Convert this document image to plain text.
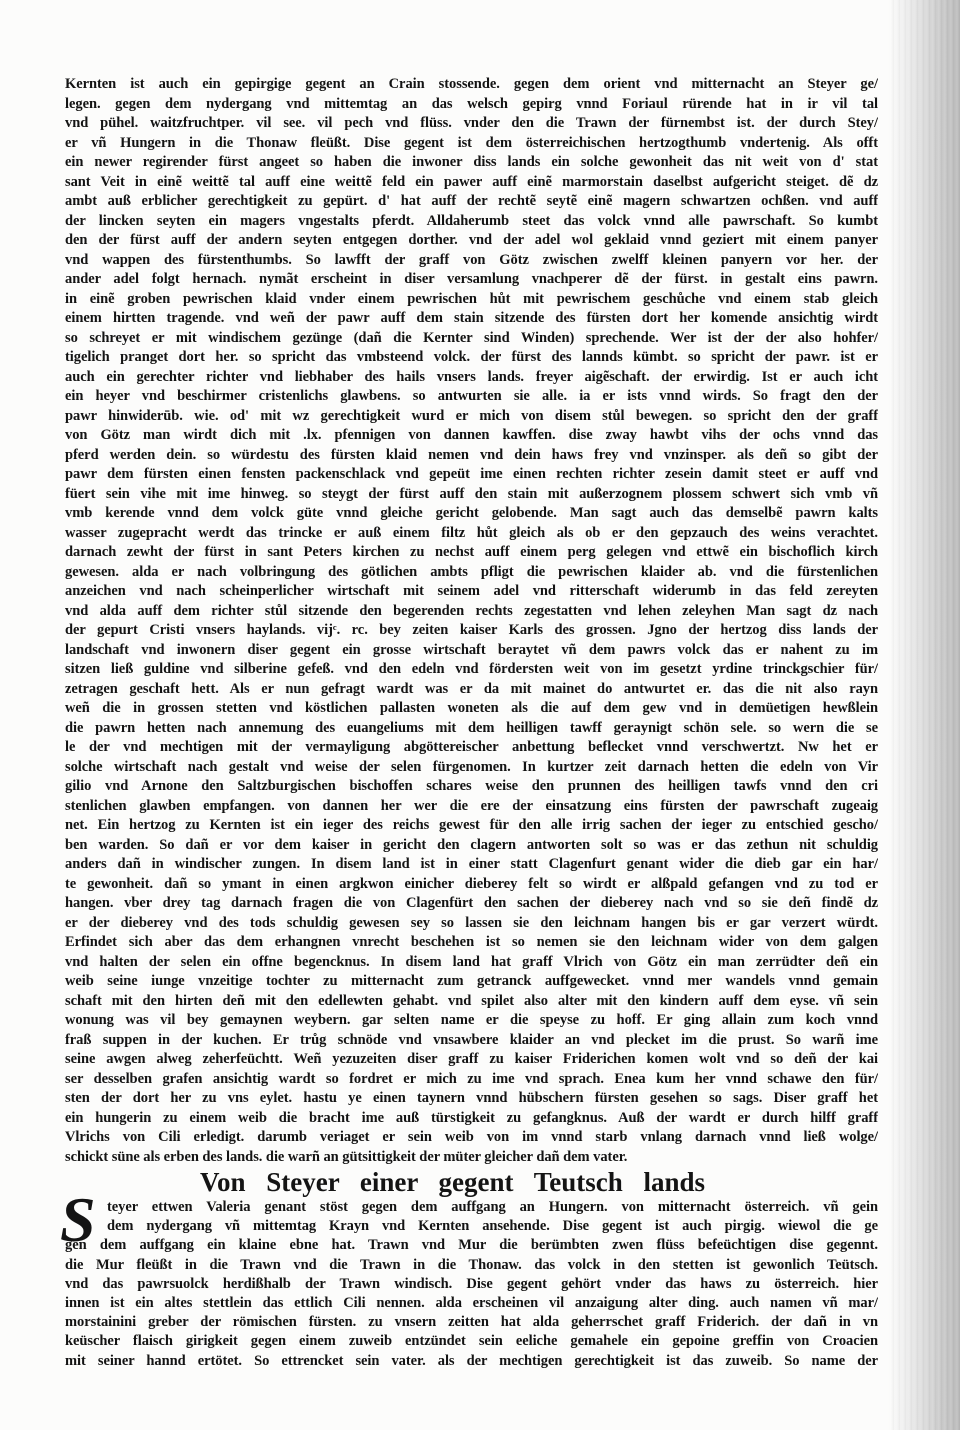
Kernten ist auch ein gepirgige gegent an Crain stossende. gegen dem orient vnd mitternacht an Steyer ge/
legen. gegen dem nydergang vnd mittemtag an das welsch gepirg vnnd Foriaul rürende hat in ir vil tal
vnd pühel. waitzfruchtper. vil see. vil pech vnd flüss. vnder den die Trawn der fürnembst ist. der durch Stey/
er vñ Hungern in die Thonaw fleüßt. Dise gegent ist dem österreichischen hertzogthumb vndertenig. Als offt
ein newer regirender fürst angeet so haben die inwoner diss lands ein solche gewonheit das nit weit von d' stat
sant Veit in einẽ weittẽ tal auff eine weittẽ feld ein pawer auff einẽ marmorstain daselbst aufgericht steiget. dẽ dz
ambt auß erblicher gerechtigkeit zu gepürt. d' hat auff der rechtẽ seytẽ einẽ magern schwartzen ochßen. vnd auff
der lincken seyten ein magers vngestalts pferdt. Alldaherumb steet das volck vnnd alle pawrschaft. So kumbt
den der fürst auff der andern seyten entgegen dorther. vnd der adel wol geklaid vnnd geziert mit einem panyer
vnd wappen des fürstenthumbs. So lawfft der graff von Götz zwischen zwelff kleinen panyern vor her. der
ander adel folgt hernach. nymãt erscheint in diser versamlung vnachperer dẽ der fürst. in gestalt eins pawrn.
in einẽ groben pewrischen klaid vnder einem pewrischen hůt mit pewrischem geschůche vnd einem stab gleich
einem hirtten tragende. vnd weñ der pawr auff dem stain sitzende des fürsten dort her komende ansichtig wirdt
so schreyet er mit windischem gezünge (dañ die Kernter sind Winden) sprechende. Wer ist der der also hohfer/
tigelich pranget dort her. so spricht das vmbsteend volck. der fürst des lannds kümbt. so spricht der pawr. ist er
auch ein gerechter richter vnd liebhaber des hails vnsers lands. freyer aigẽschaft. der erwirdig. Ist er auch icht
ein heyer vnd beschirmer cristenlichs glawbens. so antwurten sie alle. ia er ists vnnd wirds. So fragt den der
pawr hinwiderūb. wie. od' mit wz gerechtigkeit wurd er mich von disem stůl bewegen. so spricht den der graff
von Götz man wirdt dich mit .lx. pfennigen von dannen kawffen. dise zway hawbt vihs der ochs vnnd das
pferd werden dein. so würdestu des fürsten klaid nemen vnd dein haws frey vnd vnzinsper. als deñ so gibt der
pawr dem fürsten einen fensten packenschlack vnd gepeüt ime einen rechten richter zesein damit steet er auff vnd
füert sein vihe mit ime hinweg. so steygt der fürst auff den stain mit außerzognem plossem schwert sich vmb vñ
vmb kerende vnnd dem volck güte vnnd gleiche gericht gelobende. Man sagt auch das demselbẽ pawrn kalts
wasser zugepracht werdt das trincke er auß einem filtz hůt gleich als ob er den gepzauch des weins verachtet.
darnach zewht der fürst in sant Peters kirchen zu nechst auff einem perg gelegen vnd ettwẽ ein bischoflich kirch
gewesen. alda er nach volbringung des götlichen ambts pfligt die pewrischen klaider ab. vnd die fürstenlichen
anzeichen vnd nach scheinperlicher wirtschaft mit seinem adel vnd ritterschaft widerumb in das feld zereyten
vnd alda auff dem richter stůl sitzende den begerenden rechts zegestatten vnd lehen zeleyhen Man sagt dz nach
der gepurt Cristi vnsers haylands. vijᶜ. rc. bey zeiten kaiser Karls des grossen. Jgno der hertzog diss lands der
landschaft vnd inwonern diser gegent ein grosse wirtschaft beraytet vñ dem pawrs volck das er nahent zu im
sitzen ließ guldine vnd silberine gefeß. vnd den edeln vnd fördersten weit von im gesetzt yrdine trinckgschier für/
zetragen geschaft hett. Als er nun gefragt wardt was er da mit mainet do antwurtet er. das die nit also rayn
weñ die in grossen stetten vnd köstlichen pallasten woneten als die auf dem gew vnd in demüetigen hewßlein
die pawrn hetten nach annemung des euangeliums mit dem heilligen tawff geraynigt schön sele. so wern die se
le der vnd mechtigen mit der vermayligung abgöttereischer anbettung beflecket vnnd verschwertzt. Nw het er
solche wirtschaft nach gestalt vnd weise der selen fürgenomen. In kurtzer zeit darnach hetten die edeln von Vir
gilio vnd Arnone den Saltzburgischen bischoffen schares weise den prunnen des heilligen tawfs vnnd den cri
stenlichen glawben empfangen. von dannen her wer die ere der einsatzung eins fürsten der pawrschaft zugeaig
net. Ein hertzog zu Kernten ist ein ieger des reichs gewest für den alle irrig sachen der ieger zu entschied gescho/
ben warden. So dañ er vor dem kaiser in gericht den clagern antworten solt so was er das zethun nit schuldig
anders dañ in windischer zungen. In disem land ist in einer statt Clagenfurt genant wider die dieb gar ein har/
te gewonheit. dañ so ymant in einen argkwon einicher dieberey felt so wirdt er alßpald gefangen vnd zu tod er
hangen. vber drey tag darnach fragen die von Clagenfürt den sachen der dieberey nach vnd so sie deñ findẽ dz
er der dieberey vnd des tods schuldig gewesen sey so lassen sie den leichnam hangen bis er gar verzert würdt.
Erfindet sich aber das dem erhangnen vnrecht beschehen ist so nemen sie den leichnam wider von dem galgen
vnd halten der selen ein offne begencknus. In disem land hat graff Vlrich von Götz ein man zerrüdter deñ ein
weib seine iunge vnzeitige tochter zu mitternacht zum getranck auffgewecket. vnnd mer wandels vnnd gemain
schaft mit den hirten deñ mit den edellewten gehabt. vnd spilet also alter mit den kindern auff dem eyse. vñ sein
wonung was vil bey gemaynen weybern. gar selten name er die speyse zu hoff. Er ging allain zum koch vnnd
fraß suppen in der kuchen. Er trůg schnöde vnd vnsawbere klaider an vnd plecket im die prust. So warñ ime
seine awgen alweg zeherfeüchtt. Weñ yezuzeiten diser graff zu kaiser Friderichen komen wolt vnd so deñ der kai
ser desselben grafen ansichtig wardt so fordret er mich zu ime vnd sprach. Enea kum her vnnd schawe den für/
sten der dort her zu vns eylet. hastu ye einen taynern vnnd hübschern fürsten gesehen so sags. Diser graff het
ein hungerin zu einem weib die bracht ime auß türstigkeit zu gefangknus. Auß der wardt er durch hilff graff
Vlrichs von Cili erledigt. darumb veriaget er sein weib von im vnnd starb vnlang darnach vnnd ließ wolge/
schickt süne als erben des lands. die warñ an gütsittigkeit der müter gleicher dañ dem vater.
Von Steyer einer gegent Teutsch lands
S teyer ettwen Valeria genant stöst gegen dem auffgang an Hungern. von mitternacht österreich. vñ gein
dem nydergang vñ mittemtag Krayn vnd Kernten ansehende. Dise gegent ist auch pirgig. wiewol die ge
gen dem auffgang ein klaine ebne hat. Trawn vnd Mur die berümbten zwen flüss befeüchtigen dise gegennt.
die Mur fleüßt in die Trawn vnd die Trawn in die Thonaw. das volck in den stetten ist gewonlich Teütsch.
vnd das pawrsuolck herdißhalb der Trawn windisch. Dise gegent gehört vnder das haws zu österreich. hier
innen ist ein altes stettlein das ettlich Cili nennen. alda erscheinen vil anzaigung alter ding. auch namen vñ mar/
morstainini greber der römischen fürsten. zu vnsern zeitten hat alda geherrschet graff Friderich. der dañ in vn
keüscher flaisch girigkeit gegen einem zuweib entzündet sein eeliche gemahele ein gepoine greffin von Croacien
mit seiner hannd ertötet. So ettrencket sein vater. als der mechtigen gerechtigkeit ist das zuweib. So name der
